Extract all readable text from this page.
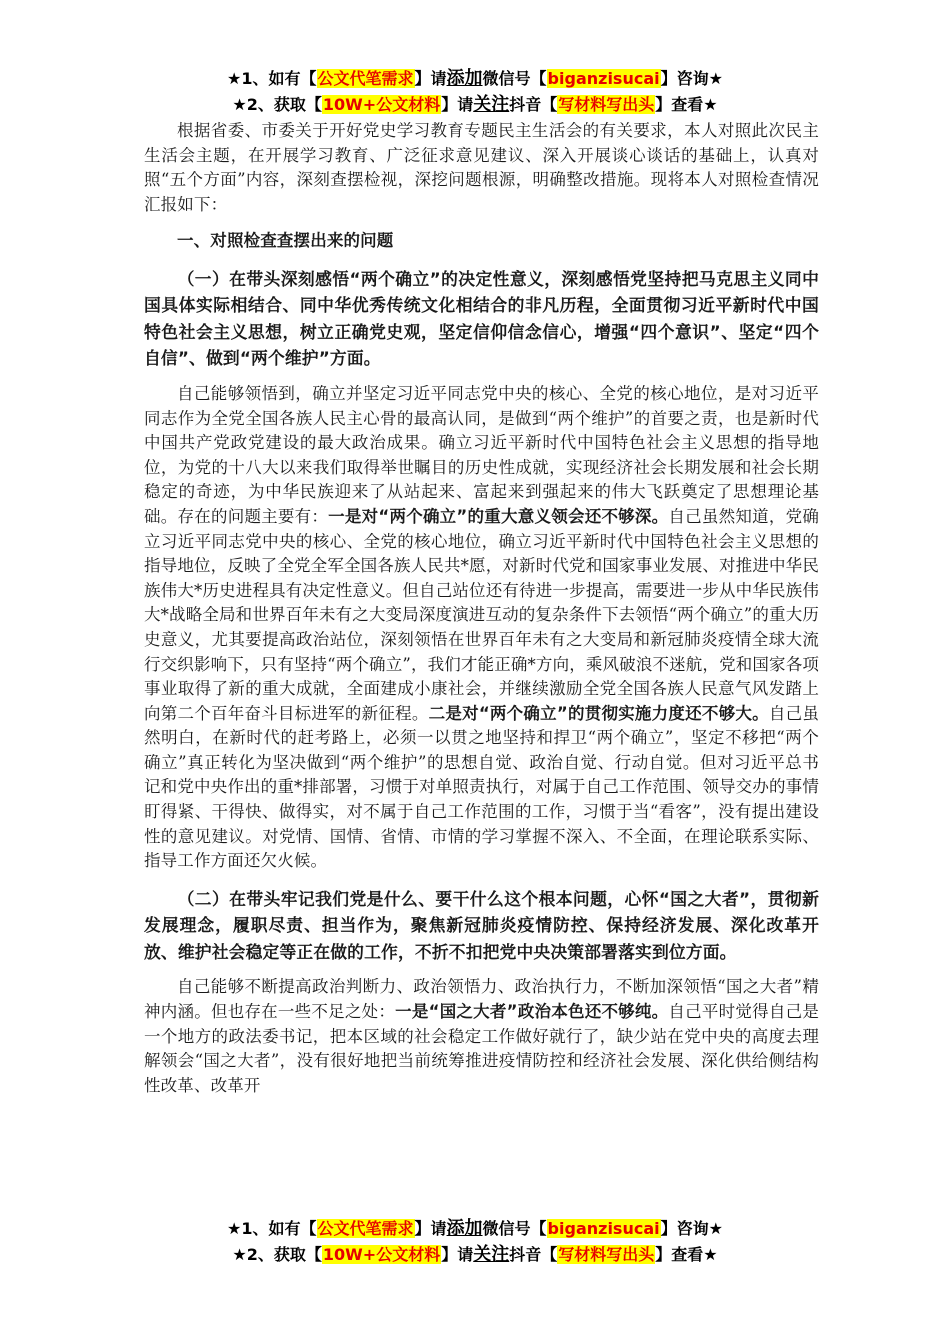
★1、如有【公文代笔需求】请添加微信号【biganzisucai】咨询★
★2、获取【10W+公文材料】请关注抖音【写材料写出头】查看★

根据省委、市委关于开好党史学习教育专题民主生活会的有关要求，本人对照此次民主生活会主题，在开展学习教育、广泛征求意见建议、深入开展谈心谈话的基础上，认真对照“五个方面”内容，深刻查摆检视，深挖问题根源，明确整改措施。现将本人对照检查情况汇报如下：

一、对照检查查摆出来的问题

（一）在带头深刻感悟“两个确立”的决定性意义，深刻感悟党坚持把马克思主义同中国具体实际相结合、同中华优秀传统文化相结合的非凡历程，全面贯彻习近平新时代中国特色社会主义思想，树立正确党史观，坚定信仰信念信心，增强“四个意识”、坚定“四个自信”、做到“两个维护”方面。

自己能够领悟到，确立并坚定习近平同志党中央的核心、全党的核心地位，是对习近平同志作为全党全国各族人民主心骨的最高认同，是做到“两个维护”的首要之责，也是新时代中国共产党政党建设的最大政治成果。确立习近平新时代中国特色社会主义思想的指导地位，为党的十八大以来我们取得举世瞩目的历史性成就，实现经济社会长期发展和社会长期稳定的奇迹，为中华民族迎来了从站起来、富起来到强起来的伟大飞跃奠定了思想理论基础。存在的问题主要有：一是对“两个确立”的重大意义领会还不够深。自己虽然知道，党确立习近平同志党中央的核心、全党的核心地位，确立习近平新时代中国特色社会主义思想的指导地位，反映了全党全军全国各族人民共*愿，对新时代党和国家事业发展、对推进中华民族伟大*历史进程具有决定性意义。但自己站位还有待进一步提高，需要进一步从中华民族伟大*战略全局和世界百年未有之大变局深度演进互动的复杂条件下去领悟“两个确立”的重大历史意义，尤其要提高政治站位，深刻领悟在世界百年未有之大变局和新冠肺炎疫情全球大流行交织影响下，只有坚持“两个确立”，我们才能正确*方向，乘风破浪不迷航，党和国家各项事业取得了新的重大成就，全面建成小康社会，并继续激励全党全国各族人民意气风发踏上向第二个百年奋斗目标进军的新征程。二是对“两个确立”的贯彻实施力度还不够大。自己虽然明白，在新时代的赶考路上，必须一以贯之地坚持和捍卫“两个确立”，坚定不移把“两个确立”真正转化为坚决做到“两个维护”的思想自觉、政治自觉、行动自觉。但对习近平总书记和党中央作出的重*排部署，习惯于对单照责执行，对属于自己工作范围、领导交办的事情盯得紧、干得快、做得实，对不属于自己工作范围的工作，习惯于当“看客”，没有提出建设性的意见建议。对党情、国情、省情、市情的学习掌握不深入、不全面，在理论联系实际、指导工作方面还欠火候。

（二）在带头牢记我们党是什么、要干什么这个根本问题，心怀“国之大者”，贯彻新发展理念，履职尽责、担当作为，聚焦新冠肺炎疫情防控、保持经济发展、深化改革开放、维护社会稳定等正在做的工作，不折不扣把党中央决策部署落实到位方面。

自己能够不断提高政治判断力、政治领悟力、政治执行力，不断加深领悟“国之大者”精神内涵。但也存在一些不足之处：一是“国之大者”政治本色还不够纯。自己平时觉得自己是一个地方的政法委书记，把本区域的社会稳定工作做好就行了，缺少站在党中央的高度去理解领会“国之大者”，没有很好地把当前统筹推进疫情防控和经济社会发展、深化供给侧结构性改革、改革开

★1、如有【公文代笔需求】请添加微信号【biganzisucai】咨询★
★2、获取【10W+公文材料】请关注抖音【写材料写出头】查看★
